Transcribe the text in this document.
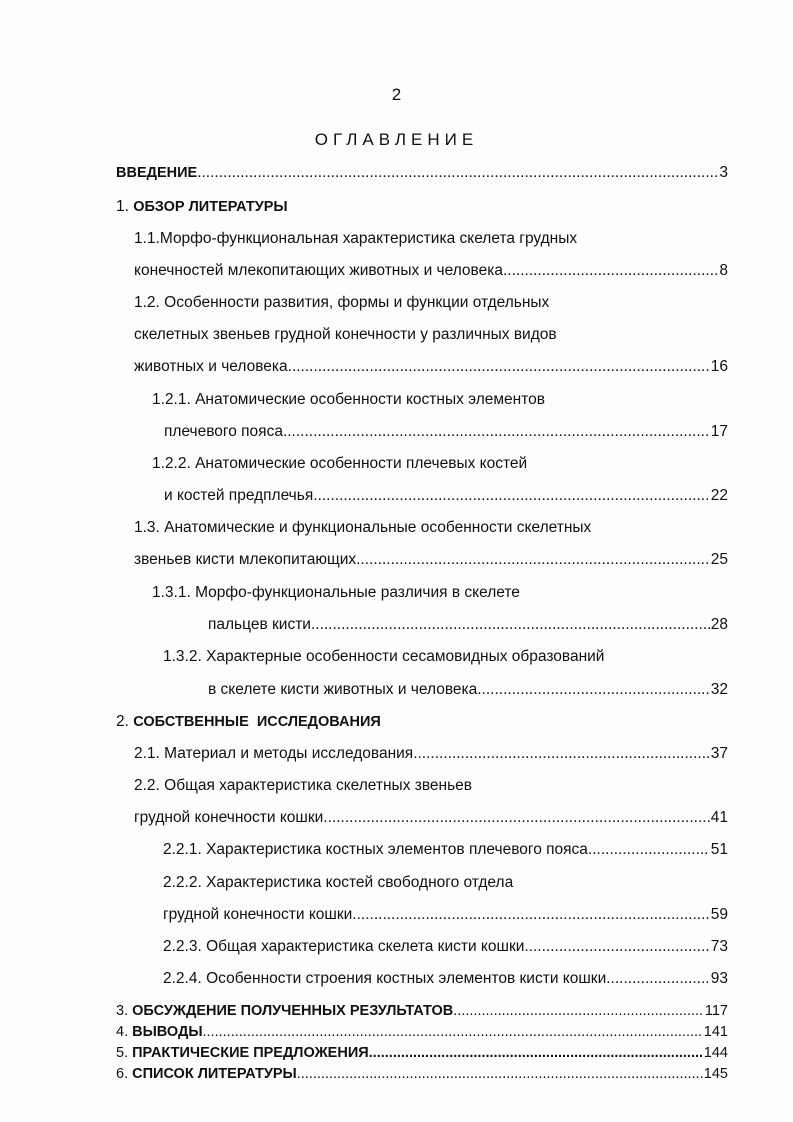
2
ОГЛАВЛЕНИЕ
ВВЕДЕНИЕ .....	3
1. ОБЗОР ЛИТЕРАТУРЫ
1.1.Морфо-функциональная характеристика скелета грудных
конечностей млекопитающих животных и человека .....	8
1.2. Особенности развития, формы и функции отдельных
скелетных звеньев грудной конечности у различных видов
животных и человека .....	16
1.2.1. Анатомические особенности костных элементов
плечевого пояса .....	17
1.2.2. Анатомические особенности плечевых костей
и костей предплечья .....	22
1.3. Анатомические и функциональные особенности скелетных
звеньев кисти млекопитающих .....	25
1.3.1. Морфо-функциональные различия в скелете
пальцев кисти .....	28
1.3.2. Характерные особенности сесамовидных образований
в скелете кисти животных и человека .....	32
2. СОБСТВЕННЫЕ  ИССЛЕДОВАНИЯ
2.1. Материал и методы исследования .....	37
2.2. Общая характеристика скелетных звеньев
грудной конечности кошки .....	41
2.2.1. Характеристика костных элементов плечевого пояса .....	51
2.2.2. Характеристика костей свободного отдела
грудной конечности кошки .....	59
2.2.3. Общая характеристика скелета кисти кошки .....	73
2.2.4. Особенности строения костных элементов кисти кошки .....	93
3. ОБСУЖДЕНИЕ ПОЛУЧЕННЫХ РЕЗУЛЬТАТОВ .....	117
4. ВЫВОДЫ .....	141
5. ПРАКТИЧЕСКИЕ ПРЕДЛОЖЕНИЯ .....	144
6. СПИСОК ЛИТЕРАТУРЫ .....	145
